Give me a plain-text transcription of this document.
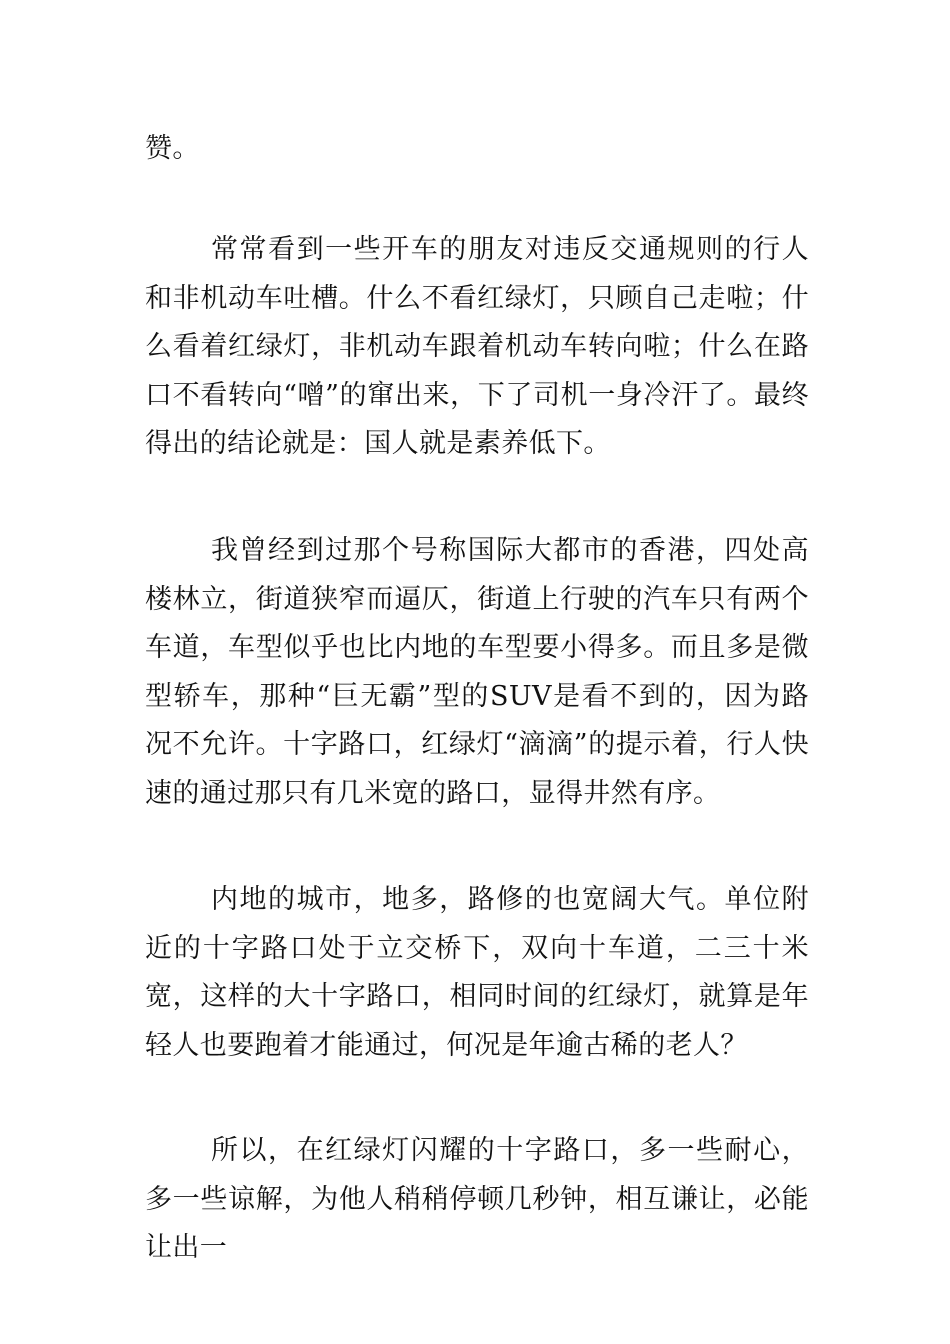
赞。

常常看到一些开车的朋友对违反交通规则的行人和非机动车吐槽。什么不看红绿灯，只顾自己走啦；什么看着红绿灯，非机动车跟着机动车转向啦；什么在路口不看转向“噌”的窜出来，下了司机一身冷汗了。最终得出的结论就是：国人就是素养低下。

我曾经到过那个号称国际大都市的香港，四处高楼林立，街道狭窄而逼仄，街道上行驶的汽车只有两个车道，车型似乎也比内地的车型要小得多。而且多是微型轿车，那种“巨无霸”型的SUV是看不到的，因为路况不允许。十字路口，红绿灯“滴滴”的提示着，行人快速的通过那只有几米宽的路口，显得井然有序。

内地的城市，地多，路修的也宽阔大气。单位附近的十字路口处于立交桥下，双向十车道，二三十米宽，这样的大十字路口，相同时间的红绿灯，就算是年轻人也要跑着才能通过，何况是年逾古稀的老人？

所以，在红绿灯闪耀的十字路口，多一些耐心，多一些谅解，为他人稍稍停顿几秒钟，相互谦让，必能让出一
